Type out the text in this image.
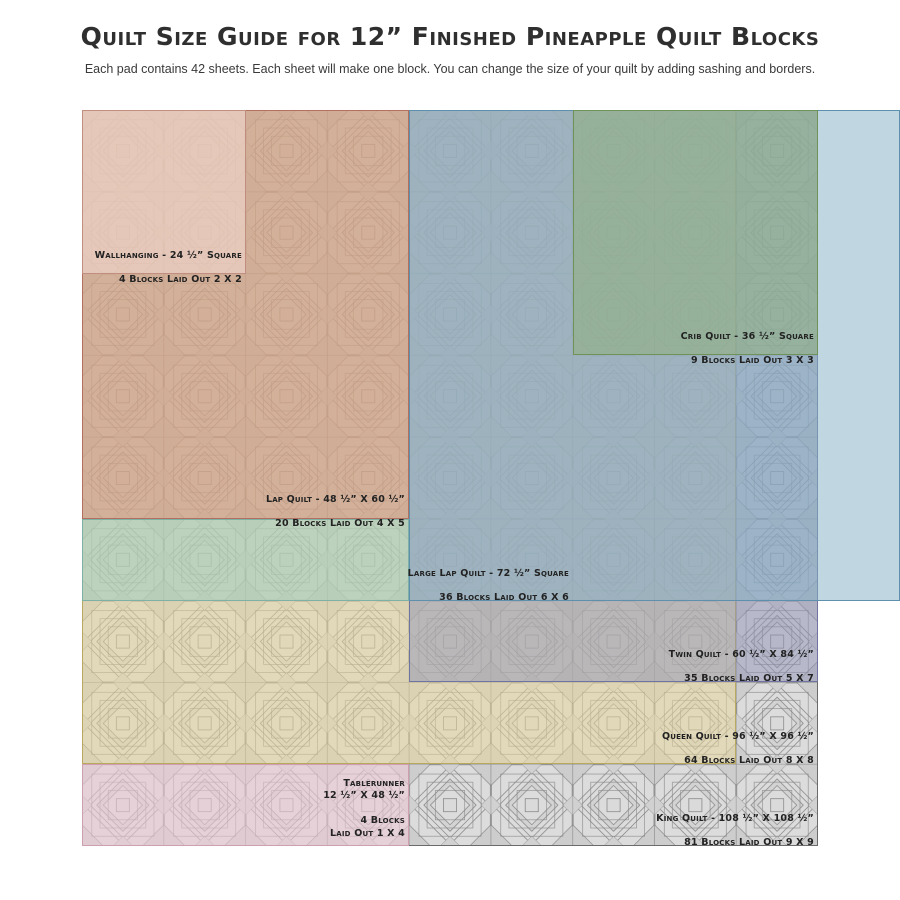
Quilt Size Guide for 12” Finished Pineapple Quilt Blocks
Each pad contains 42 sheets. Each sheet will make one block. You can change the size of your quilt by adding sashing and borders.

Wallhanging - 24 ½” Square

4 Blocks Laid Out 2 X 2

Lap Quilt - 48 ½” X 60 ½”

20 Blocks Laid Out 4 X 5

Crib Quilt - 36 ½” Square

9 Blocks Laid Out 3 X 3

Large Lap Quilt - 72 ½” Square

36 Blocks Laid Out 6 X 6

Twin Quilt - 60 ½” X 84 ½”

35 Blocks Laid Out 5 X 7

Queen Quilt - 96 ½” X 96 ½”

64 Blocks Laid Out 8 X 8

King Quilt - 108 ½” X 108 ½”

81 Blocks Laid Out 9 X 9

Tablerunner
12 ½” X 48 ½”

4 Blocks
Laid Out 1 X 4
